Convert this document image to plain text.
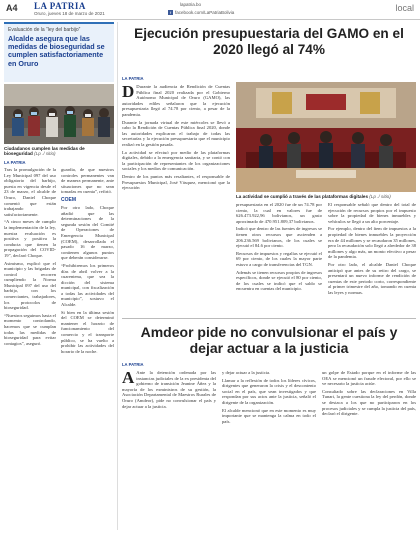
A4 LA PATRIA
Oruro, jueves 18 de marzo de 2021
lapatria.bo
f facebook.com/LaPatriaBolivia	local
Evaluación de la “ley del barbijo”
Alcalde asegura que las medidas de bioseguridad se cumplen satisfactoriamente en Oruro
Ciudadanos cumplen las medidas de bioseguridad (Lp ./ sitio)
LA PATRIA

Tras la promulgación de la Ley Municipal 097 del uso obligatorio del barbijo, puesta en vigencia desde el 23 de marzo, el alcalde de Oruro, Daniel Choque comentó que están trabajando satisfactoriamente.

“A cinco meses de cumplir la implementación de la ley, nuestra evaluación es positiva y positiva la conducta que tienen la propagación del COVID-19”, declaró Choque.

Asimismo, explicó que el municipio y las brigadas de control recorren cumpliendo la Norma Municipal 097 del uso del barbijo, con los comerciantes, trabajadores, los protocolos de bioseguridad.

“Nuestros seguimos hasta el momento controlando, hacemos que se cumplan todas las medidas de bioseguridad para evitar contagios”, aseguró.

guardia, de que nuestros controles permanentes van de manera permanente, ante situaciones que no sean tomadas en cuenta”, refirió.

COEM

Por otro lado, Choque añadió que las determinaciones de la segunda sesión del Comité de Operaciones de Emergencia Municipal (COEM), desarrollada el pasado 16 de marzo, contienen algunos puntos que deberán considerarse.

“Prohibiremos los primeros días de abril volver a la cuarentena, que sea la dicción del sistema municipal, con fiscalización a todas las actividades del municipio”, sostuvo el Alcalde.

Si bien en la última sesión del COEM se determinó mantener el horario de funcionamiento del comercio y el transporte público, se ha vuelto a prohibir las actividades del horario de la noche.

Ejecución presupuestaria del GAMO en el 2020 llegó al 74%
LA PATRIA

D Durante la audiencia de Rendición de Cuentas Pública final 2020 realizada por el Gobierno Autónomo Municipal de Oruro (GAMO), las autoridades ediles señalaron que la ejecución presupuestaria llegó al 74.78 por ciento, a pesar de la pandemia.

Durante la jornada virtual de este miércoles se llevó a cabo la Rendición de Cuentas Pública final 2020, donde las autoridades explicaron el trabajo de todas las secretarías y la ejecución presupuestaria que el municipio realizó en la gestión pasada.

La actividad se efectuó por medio de las plataformas digitales, debido a la emergencia sanitaria, y se contó con la participación de representantes de los organizaciones sociales y los medios de comunicación.

Dentro de los puntos más resaltantes, el responsable de Presupuestos Municipal, José Vásquez, mencionó que la ejecución

La actividad se cumplió a través de las plataformas digitales (Lp ./ sitio)

presupuestaria en el 2020 fue de un 74.78 por ciento, la cual en valores fue de 626.473.922,96 bolivianos, un gasto aproximado de 470.951.809,37 bolivianos.

Indicó que dentro de las fuentes de ingresos se tienen otros recursos que ascienden a 206.236.569 bolivianos, de los cuales se ejecutó el 84.6 por ciento.

Recursos de impuestos y regalías se ejecutó el 69 por ciento, de los cuales la mayor parte estuvo a cargo de transferencias del TGN.

Además se tienen recursos propios de ingresos específicos, donde se ejecutó el 80 por ciento, de los cuales se indicó que el saldo se encuentra en cuentas del municipio.

El responsable señaló que dentro del total de ejecución de recursos propios por el impuesto sobre la propiedad de bienes inmuebles y vehículos se llegó a un alto porcentaje.

Por ejemplo, dentro del ítem de impuestos a la propiedad de bienes inmuebles la proyección era de 44 millones y se recaudaron 35 millones, pero la recaudación solo llegó a alrededor de 38 millones y algo más, un monto efectivo a pesar de la pandemia.

Por otro lado, el alcalde Daniel Choque anticipó que antes de su retiro del cargo, se presentará un nuevo informe de rendición de cuentas de este periodo corto, correspondiente al primer trimestre del año, tomando en cuenta las leyes y normas.

Amdeor pide no convulsionar el país y dejar actuar a la justicia
LA PATRIA

A Ante la detención ordenada por las instancias judiciales de la ex presidenta del gobierno de transición Jeanine Áñez y la mayoría de los exministros de su gestión, la Asociación Departamental de Maestros Rurales de Oruro (Amdeor), pide no convulsionar el país y dejar actuar a la justicia.

y dejar actuar a la justicia.

Llamar a la reflexión de todos los líderes cívicos, dirigentes que generaron la crisis y el descontento social en el país, que sean investigados y que respondan por sus actos ante la justicia, señaló el dirigente de la organización.

El alcalde mencionó que en este momento es muy importante que se mantenga la calma en todo el país.

un golpe de Estado porque en el informe de las OEA se mencionó un fraude electoral, por ello se ve necesario la justicia actúe.

Consultado sobre las declaraciones en Villa Tunari, la gente cuestiona la ley del perdón, donde se destaca a los que no participaron en los procesos judiciales y se cumpla la justicia del país, declaró el dirigente.
